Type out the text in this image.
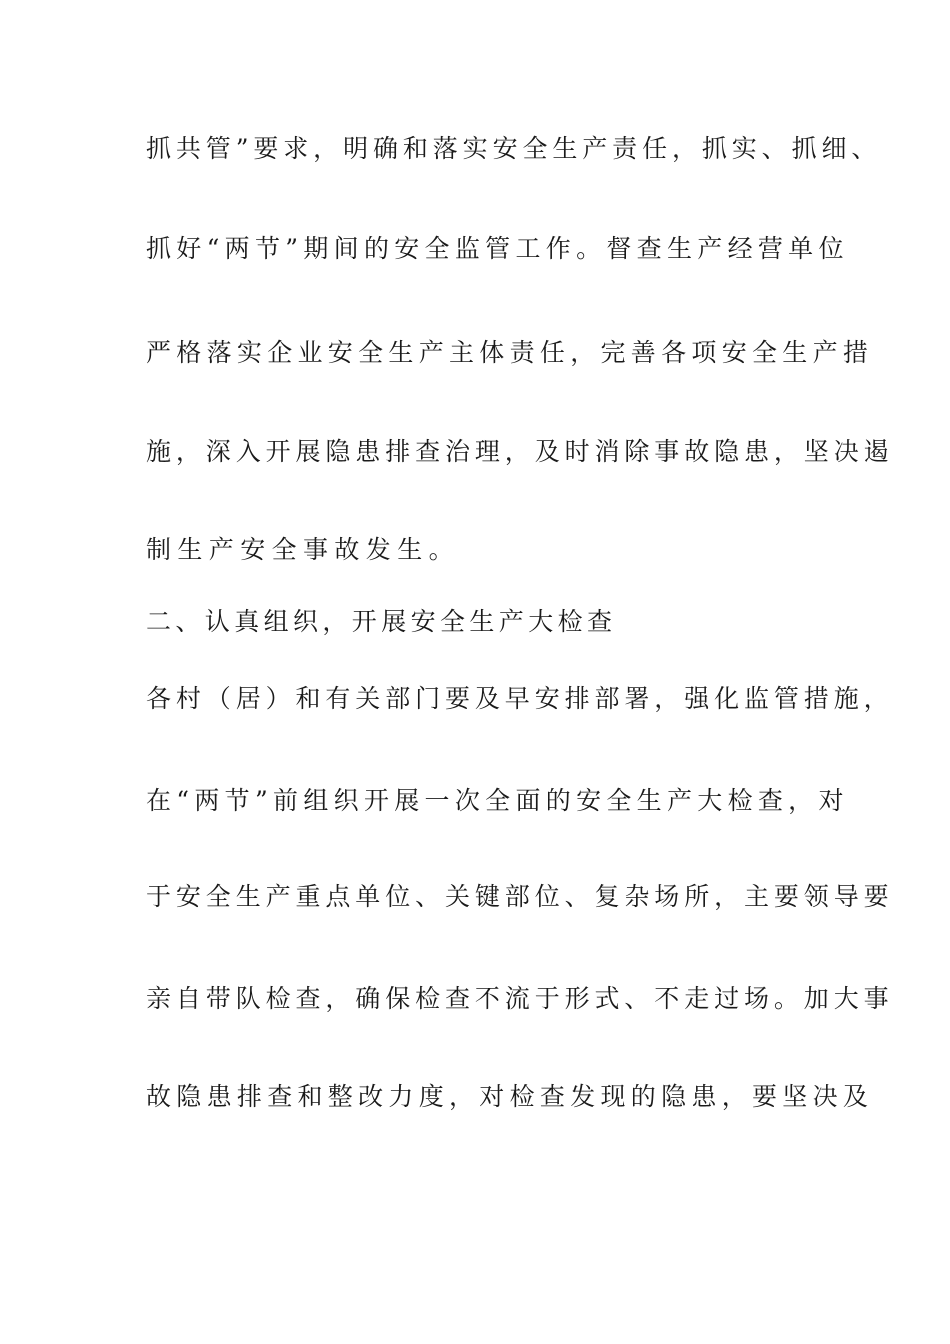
抓共管”要求，明确和落实安全生产责任，抓实、抓细、
抓好“两节”期间的安全监管工作。督查生产经营单位
严格落实企业安全生产主体责任，完善各项安全生产措
施，深入开展隐患排查治理，及时消除事故隐患，坚决遏
制生产安全事故发生。
二、认真组织，开展安全生产大检查
各村（居）和有关部门要及早安排部署，强化监管措施，
在“两节”前组织开展一次全面的安全生产大检查，对
于安全生产重点单位、关键部位、复杂场所，主要领导要
亲自带队检查，确保检查不流于形式、不走过场。加大事
故隐患排查和整改力度，对检查发现的隐患，要坚决及
